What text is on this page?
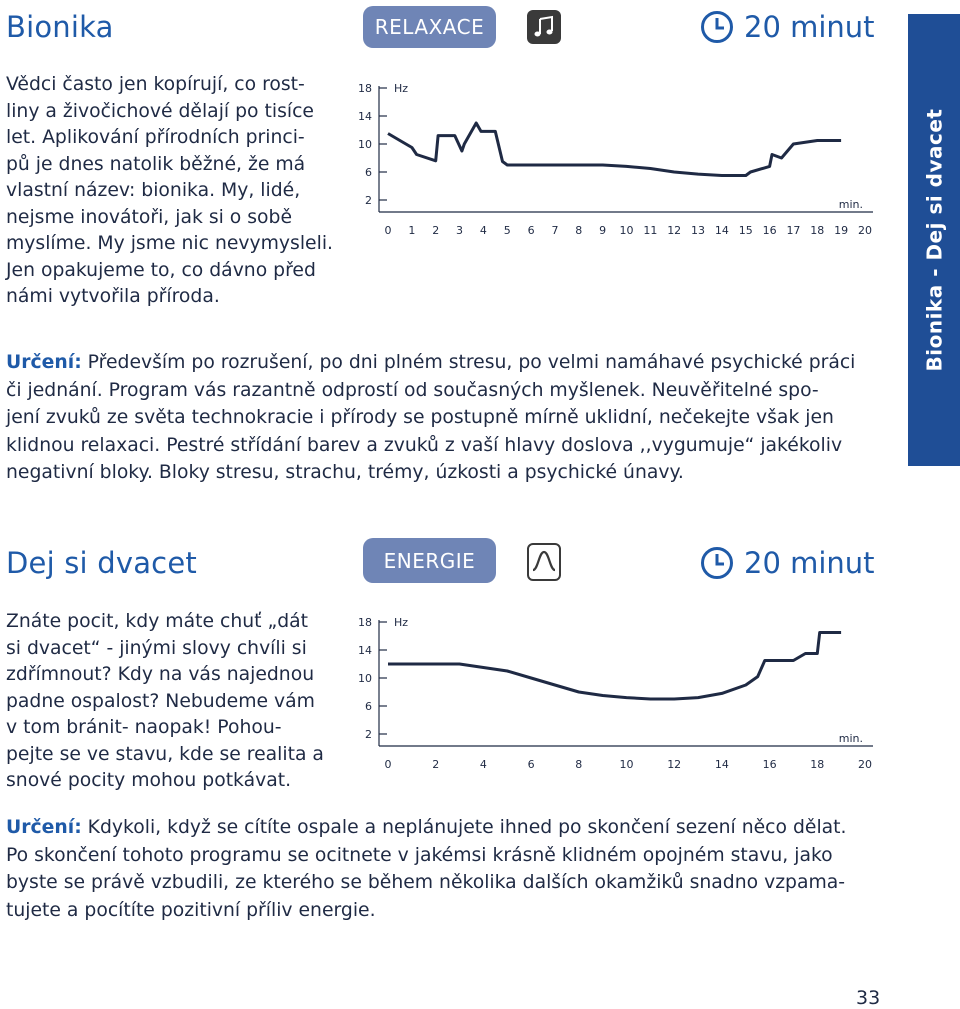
Bionika	RELAXACE	20 minut
Vědci často jen kopírují, co rost-
liny a živočichové dělají po tisíce
let. Aplikování přírodních princi-
pů je dnes natolik běžné, že má
vlastní název: bionika. My, lidé,
nejsme inovátoři, jak si o sobě
myslíme. My jsme nic nevymysleli.
Jen opakujeme to, co dávno před
námi vytvořila příroda.
18
14
10
6
2
Hz
0 1 2 3 4 5 6 7 8 9 10 11 12 13 14 15 16 17 18 19 20
min.
Určení: Především po rozrušení, po dni plném stresu, po velmi namáhavé psychické práci
či jednání. Program vás razantně odprostí od současných myšlenek. Neuvěřitelné spo-
jení zvuků ze světa technokracie i přírody se postupně mírně uklidní, nečekejte však jen
klidnou relaxaci. Pestré střídání barev a zvuků z vaší hlavy doslova ,,vygumuje“ jakékoliv
negativní bloky. Bloky stresu, strachu, trémy, úzkosti a psychické únavy.
Bionika - Dej si dvacet
Dej si dvacet	ENERGIE	20 minut
Znáte pocit, kdy máte chuť „dát
si dvacet“ - jinými slovy chvíli si
zdřímnout? Kdy na vás najednou
padne ospalost? Nebudeme vám
v tom bránit- naopak! Pohou-
pejte se ve stavu, kde se realita a
snové pocity mohou potkávat.
18
14
10
6
2
Hz
0	2	4	6	8	10	12	14	16	18	20
min.
Určení: Kdykoli, když se cítíte ospale a neplánujete ihned po skončení sezení něco dělat.
Po skončení tohoto programu se ocitnete v jakémsi krásně klidném opojném stavu, jako
byste se právě vzbudili, ze kterého se během několika dalších okamžiků snadno vzpama-
tujete a pocítíte pozitivní příliv energie.
33
